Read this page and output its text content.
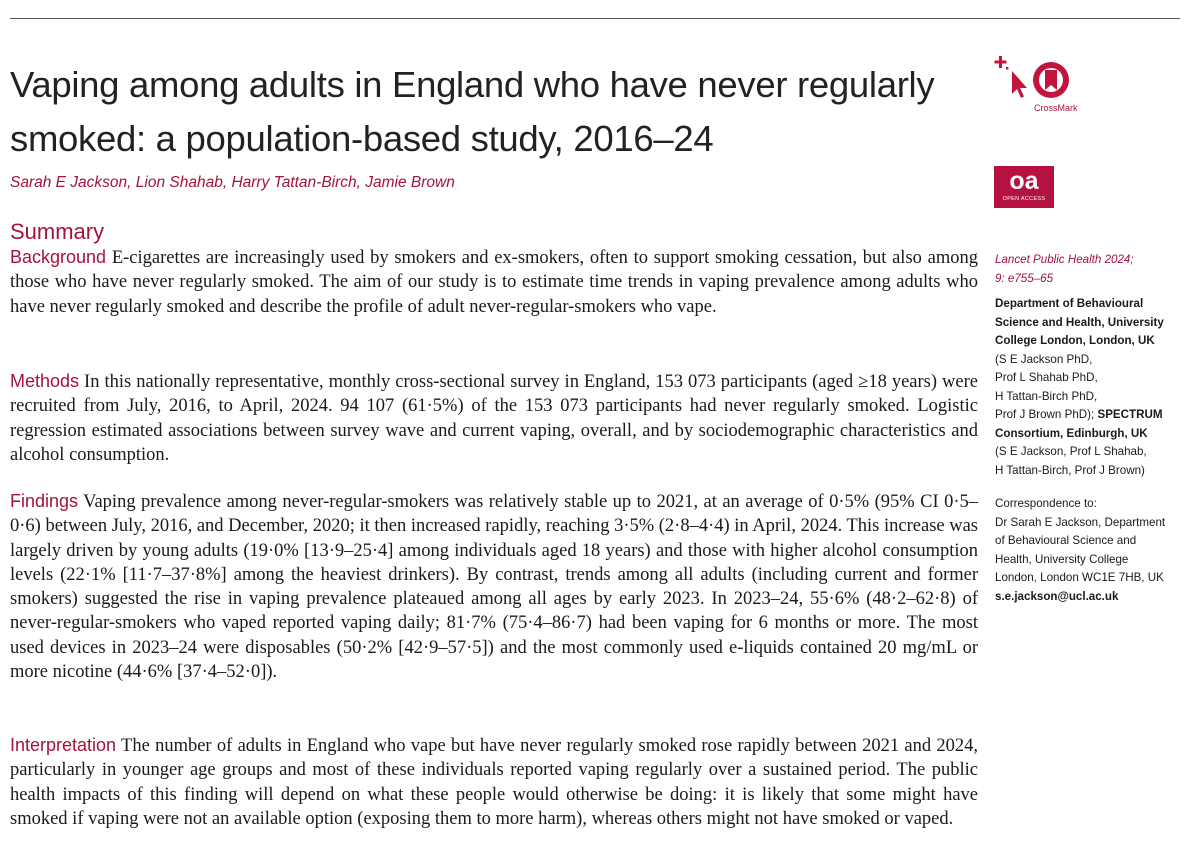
Vaping among adults in England who have never regularly smoked: a population-based study, 2016–24
Sarah E Jackson, Lion Shahab, Harry Tattan-Birch, Jamie Brown
CrossMark
oa
OPEN ACCESS
Summary

Background E-cigarettes are increasingly used by smokers and ex-smokers, often to support smoking cessation, but also among those who have never regularly smoked. The aim of our study is to estimate time trends in vaping prevalence among adults who have never regularly smoked and describe the profile of adult never-regular-smokers who vape.

Methods In this nationally representative, monthly cross-sectional survey in England, 153 073 participants (aged ≥18 years) were recruited from July, 2016, to April, 2024. 94 107 (61·5%) of the 153 073 participants had never regularly smoked. Logistic regression estimated associations between survey wave and current vaping, overall, and by sociodemographic characteristics and alcohol consumption.

Findings Vaping prevalence among never-regular-smokers was relatively stable up to 2021, at an average of 0·5% (95% CI 0·5–0·6) between July, 2016, and December, 2020; it then increased rapidly, reaching 3·5% (2·8–4·4) in April, 2024. This increase was largely driven by young adults (19·0% [13·9–25·4] among individuals aged 18 years) and those with higher alcohol consumption levels (22·1% [11·7–37·8%] among the heaviest drinkers). By contrast, trends among all adults (including current and former smokers) suggested the rise in vaping prevalence plateaued among all ages by early 2023. In 2023–24, 55·6% (48·2–62·8) of never-regular-smokers who vaped reported vaping daily; 81·7% (75·4–86·7) had been vaping for 6 months or more. The most used devices in 2023–24 were disposables (50·2% [42·9–57·5]) and the most commonly used e-liquids contained 20 mg/mL or more nicotine (44·6% [37·4–52·0]).

Interpretation The number of adults in England who vape but have never regularly smoked rose rapidly between 2021 and 2024, particularly in younger age groups and most of these individuals reported vaping regularly over a sustained period. The public health impacts of this finding will depend on what these people would otherwise be doing: it is likely that some might have smoked if vaping were not an available option (exposing them to more harm), whereas others might not have smoked or vaped.

Lancet Public Health 2024;
9: e755–65
Department of Behavioural
Science and Health, University
College London, London, UK
(S E Jackson PhD,
Prof L Shahab PhD,
H Tattan-Birch PhD,
Prof J Brown PhD); SPECTRUM
Consortium, Edinburgh, UK
(S E Jackson, Prof L Shahab,
H Tattan-Birch, Prof J Brown)
Correspondence to:
Dr Sarah E Jackson, Department
of Behavioural Science and
Health, University College
London, London WC1E 7HB, UK
s.e.jackson@ucl.ac.uk
